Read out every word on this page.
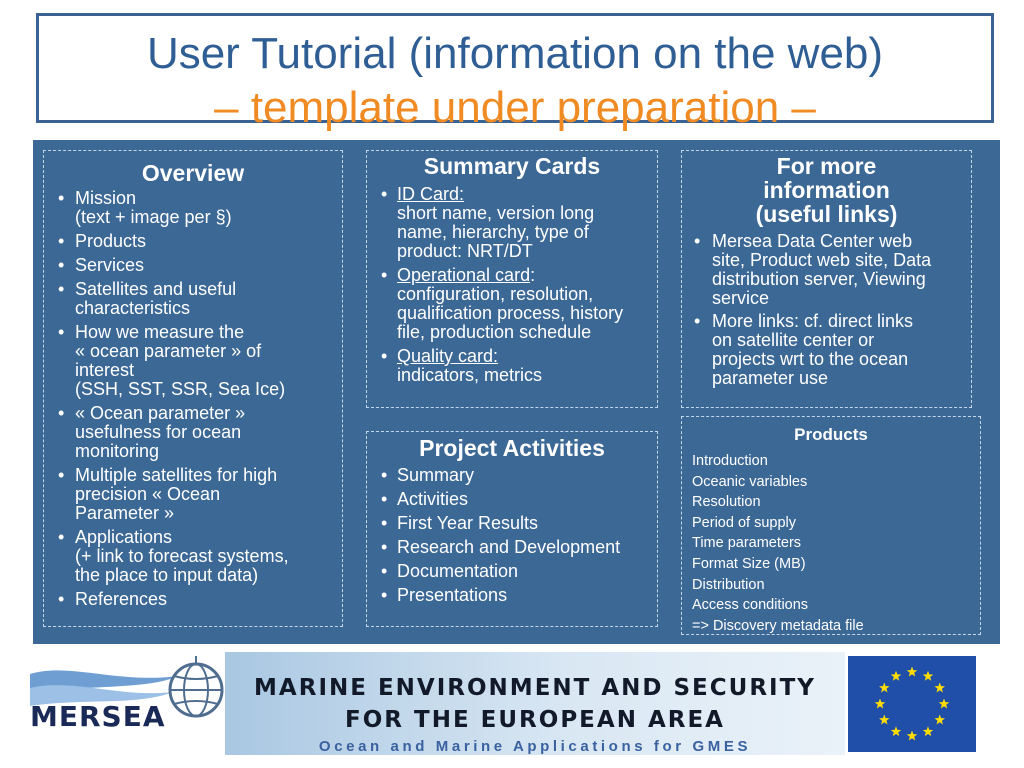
User Tutorial (information on the web)
– template under preparation –
Overview
• Mission
(text + image per §)
• Products
• Services
• Satellites and useful
characteristics
• How we measure the
« ocean parameter » of
interest
(SSH, SST, SSR, Sea Ice)
• « Ocean parameter »
usefulness for ocean
monitoring
• Multiple satellites for high
precision « Ocean
Parameter »
• Applications
(+ link to forecast systems,
the place to input data)
• References
Summary Cards
• ID Card:
short name, version long
name, hierarchy, type of
product: NRT/DT
• Operational card:
configuration, resolution,
qualification process, history
file, production schedule
• Quality card:
indicators, metrics
For more
information
(useful links)
• Mersea Data Center web
site, Product web site, Data
distribution server, Viewing
service
• More links: cf. direct links
on satellite center or
projects wrt to the ocean
parameter use
Project Activities
• Summary
• Activities
• First Year Results
• Research and Development
• Documentation
• Presentations
Products
Introduction
Oceanic variables
Resolution
Period of supply
Time parameters
Format Size (MB)
Distribution
Access conditions
=> Discovery metadata file
MERSEA
MARINE ENVIRONMENT AND SECURITY
FOR THE EUROPEAN AREA
Ocean and Marine Applications for GMES
